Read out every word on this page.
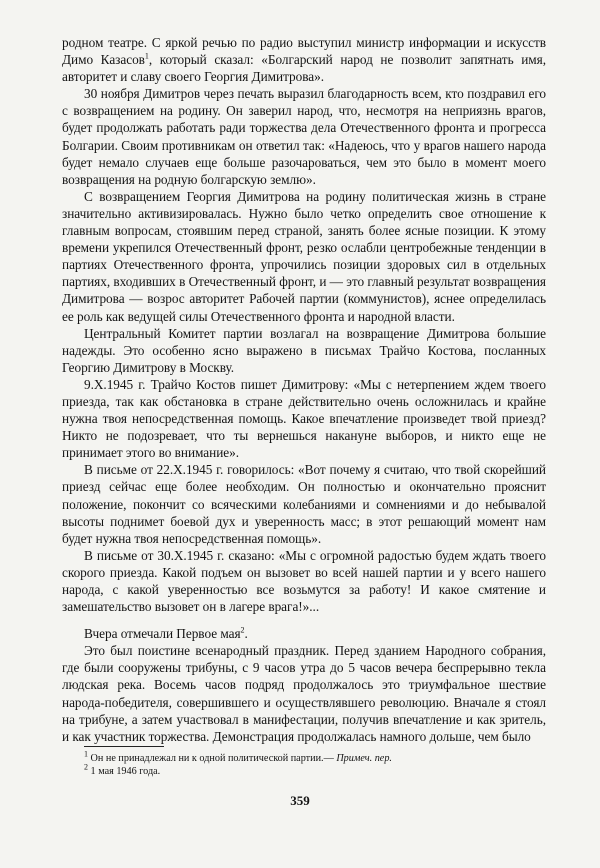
родном театре. С яркой речью по радио выступил министр информации и искусств Димо Казасов$^1$, который сказал: «Болгарский народ не позволит запятнать имя, авторитет и славу своего Георгия Димитрова».

30 ноября Димитров через печать выразил благодарность всем, кто поздравил его с возвращением на родину. Он заверил народ, что, несмотря на неприязнь врагов, будет продолжать работать ради торжества дела Отечественного фронта и прогресса Болгарии. Своим противникам он ответил так: «Надеюсь, что у врагов нашего народа будет немало случаев еще больше разочароваться, чем это было в момент моего возвращения на родную болгарскую землю».

С возвращением Георгия Димитрова на родину политическая жизнь в стране значительно активизировалась. Нужно было четко определить свое отношение к главным вопросам, стоявшим перед страной, занять более ясные позиции. К этому времени укрепился Отечественный фронт, резко ослабли центробежные тенденции в партиях Отечественного фронта, упрочились позиции здоровых сил в отдельных партиях, входивших в Отечественный фронт, и — это главный результат возвращения Димитрова — возрос авторитет Рабочей партии (коммунистов), яснее определилась ее роль как ведущей силы Отечественного фронта и народной власти.

Центральный Комитет партии возлагал на возвращение Димитрова большие надежды. Это особенно ясно выражено в письмах Трайчо Костова, посланных Георгию Димитрову в Москву.

9.X.1945 г. Трайчо Костов пишет Димитрову: «Мы с нетерпением ждем твоего приезда, так как обстановка в стране действительно очень осложнилась и крайне нужна твоя непосредственная помощь. Какое впечатление произведет твой приезд? Никто не подозревает, что ты вернешься накануне выборов, и никто еще не принимает этого во внимание».

В письме от 22.X.1945 г. говорилось: «Вот почему я считаю, что твой скорейший приезд сейчас еще более необходим. Он полностью и окончательно прояснит положение, покончит со всяческими колебаниями и сомнениями и до небывалой высоты поднимет боевой дух и уверенность масс; в этот решающий момент нам будет нужна твоя непосредственная помощь».

В письме от 30.X.1945 г. сказано: «Мы с огромной радостью будем ждать твоего скорого приезда. Какой подъем он вызовет во всей нашей партии и у всего нашего народа, с какой уверенностью все возьмутся за работу! И какое смятение и замешательство вызовет он в лагере врага!»...

Вчера отмечали Первое мая$^2$.

Это был поистине всенародный праздник. Перед зданием Народного собрания, где были сооружены трибуны, с 9 часов утра до 5 часов вечера беспрерывно текла людская река. Восемь часов подряд продолжалось это триумфальное шествие народа-победителя, совершившего и осуществлявшего революцию. Вначале я стоял на трибуне, а затем участвовал в манифестации, получив впечатление и как зритель, и как участник торжества. Демонстрация продолжалась намного дольше, чем было

$^1$ Он не принадлежал ни к одной политической партии.— Примеч. пер.

$^2$ 1 мая 1946 года.

359
